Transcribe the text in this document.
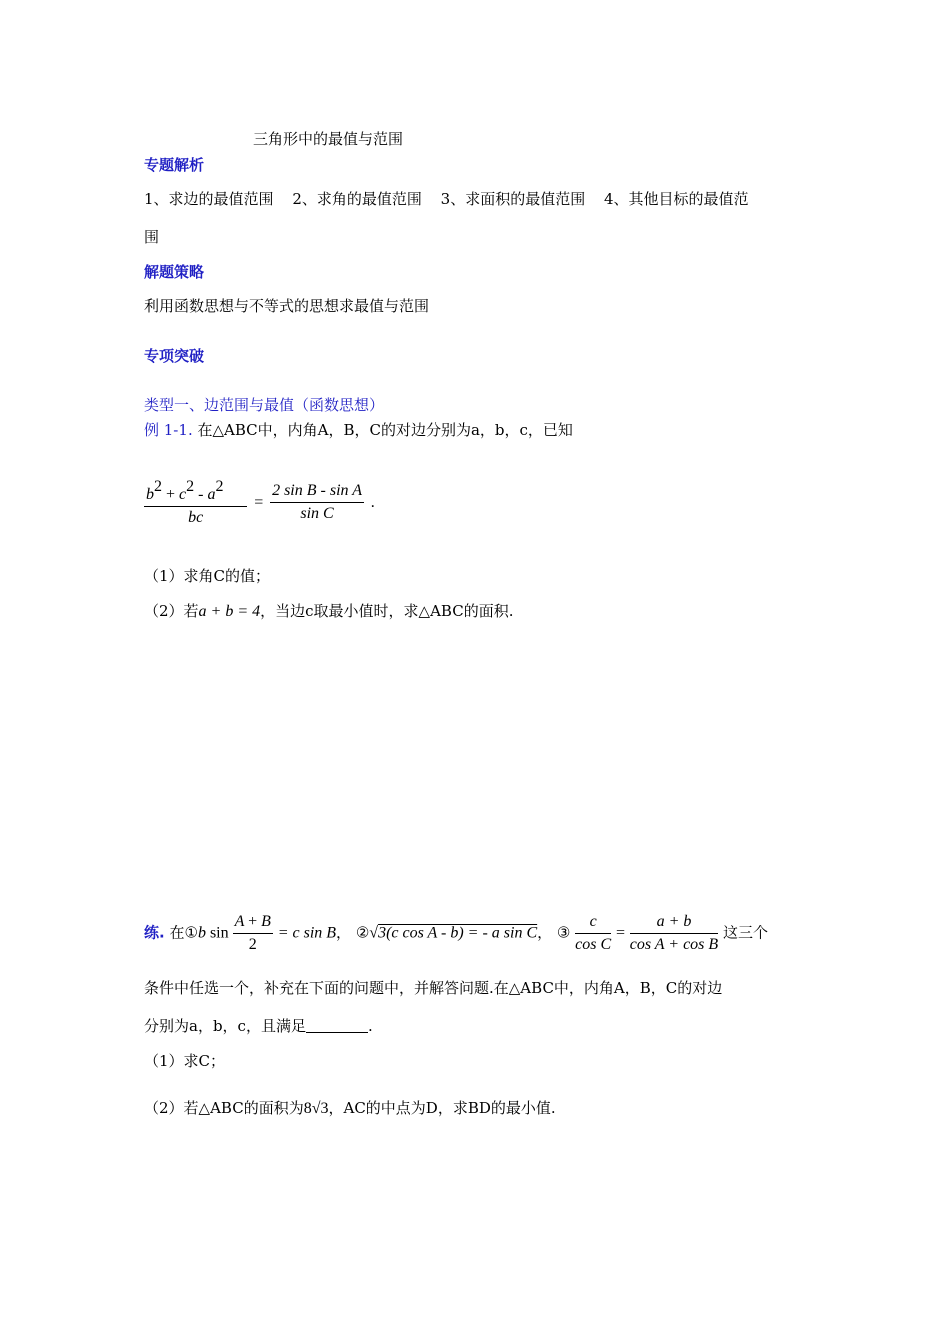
三角形中的最值与范围
专题解析
1、求边的最值范围 2、求角的最值范围 3、求面积的最值范围 4、其他目标的最值范
围
解题策略
利用函数思想与不等式的思想求最值与范围
专项突破
类型一、边范围与最值（函数思想）
例 1-1. 在△ABC中，内角A，B，C的对边分别为a，b，c，已知
$\frac{b^2 + c^2 - a^2}{bc} = \frac{\text{2 sin B - sin A}}{\text{sin C}}$ .
（1）求角C的值；
（2）若a + b = 4，当边c取最小值时，求△ABC的面积.
练. 在①b $\sin \frac{A + B}{2} = c$ sin B， ②√3(c cos A - b) = - a sin C， ③ $\frac{c}{\text{cos C}} = \frac{a + b}{\text{cos A + cos B}}$ 这三个
条件中任选一个，补充在下面的问题中，并解答问题.在△ABC中，内角A，B，C的对边
分别为a，b，c，且满足	.
（1）求C；
（2）若△ABC的面积为8√3，AC的中点为D，求BD的最小值.
